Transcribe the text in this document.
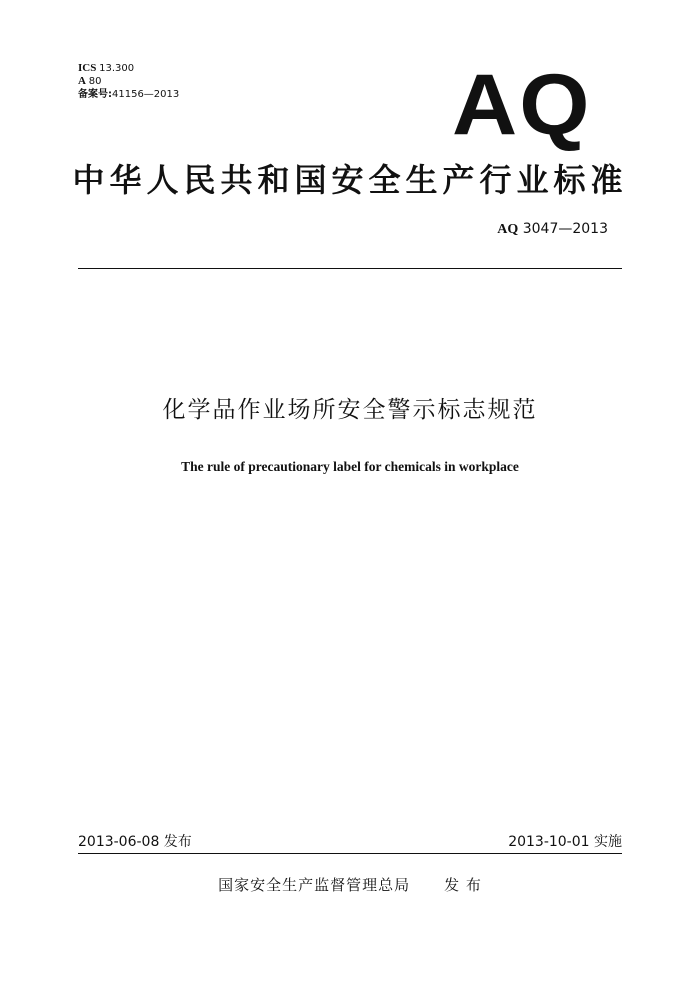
ICS 13.300
A 80
备案号:41156—2013	AQ
中华人民共和国安全生产行业标准
AQ 3047—2013
化学品作业场所安全警示标志规范
The rule of precautionary label for chemicals in workplace
2013-06-08 发布	2013-10-01 实施
国家安全生产监督管理总局 发 布
